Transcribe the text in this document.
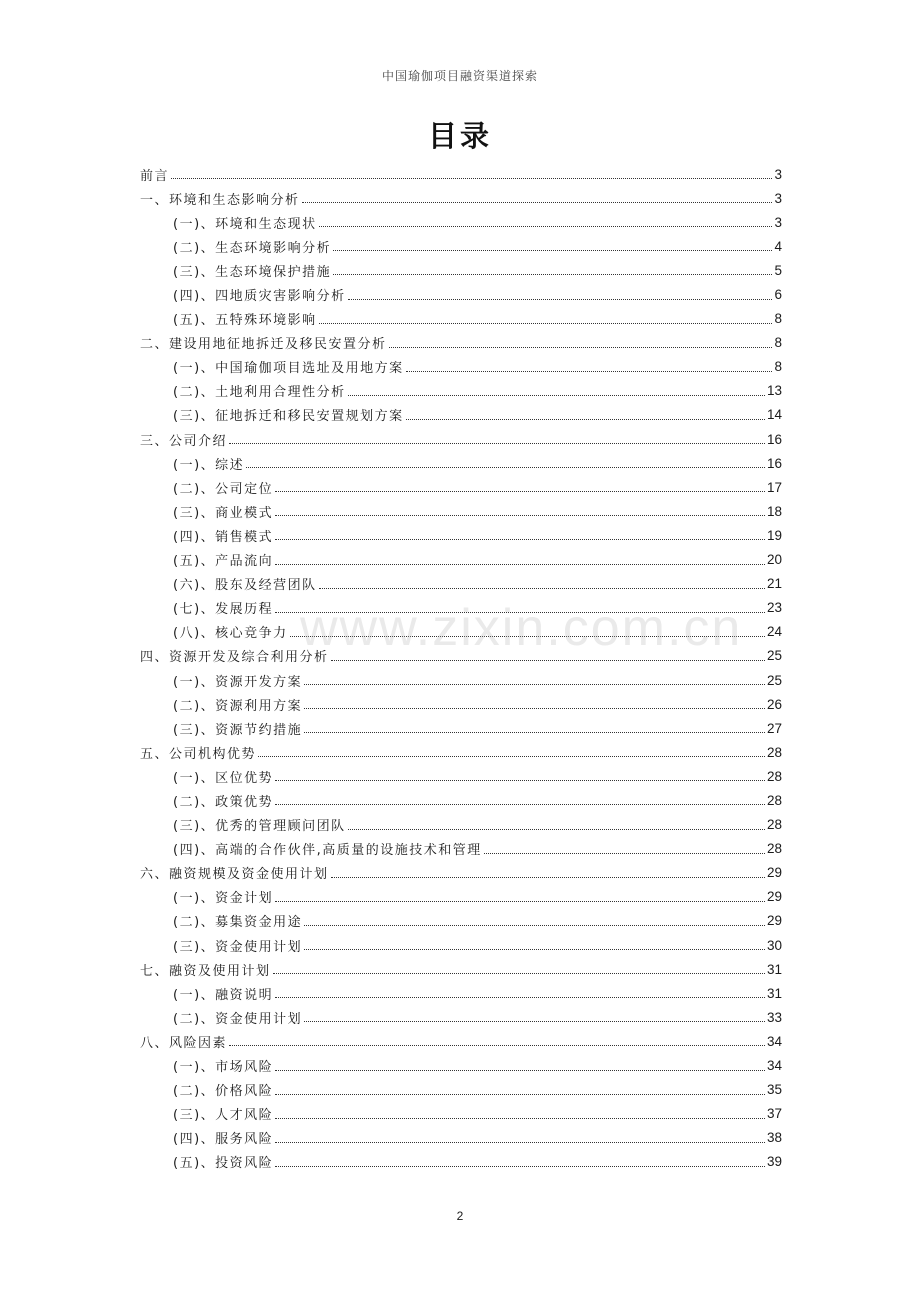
中国瑜伽项目融资渠道探索
目录
前言	3
一、环境和生态影响分析	3
(一)、环境和生态现状	3
(二)、生态环境影响分析	4
(三)、生态环境保护措施	5
(四)、四地质灾害影响分析	6
(五)、五特殊环境影响	8
二、建设用地征地拆迁及移民安置分析	8
(一)、中国瑜伽项目选址及用地方案	8
(二)、土地利用合理性分析	13
(三)、征地拆迁和移民安置规划方案	14
三、公司介绍	16
(一)、综述	16
(二)、公司定位	17
(三)、商业模式	18
(四)、销售模式	19
(五)、产品流向	20
(六)、股东及经营团队	21
(七)、发展历程	23
(八)、核心竞争力	24
四、资源开发及综合利用分析	25
(一)、资源开发方案	25
(二)、资源利用方案	26
(三)、资源节约措施	27
五、公司机构优势	28
(一)、区位优势	28
(二)、政策优势	28
(三)、优秀的管理顾问团队	28
(四)、高端的合作伙伴,高质量的设施技术和管理	28
六、融资规模及资金使用计划	29
(一)、资金计划	29
(二)、募集资金用途	29
(三)、资金使用计划	30
七、融资及使用计划	31
(一)、融资说明	31
(二)、资金使用计划	33
八、风险因素	34
(一)、市场风险	34
(二)、价格风险	35
(三)、人才风险	37
(四)、服务风险	38
(五)、投资风险	39
www.zixin.com.cn
2
